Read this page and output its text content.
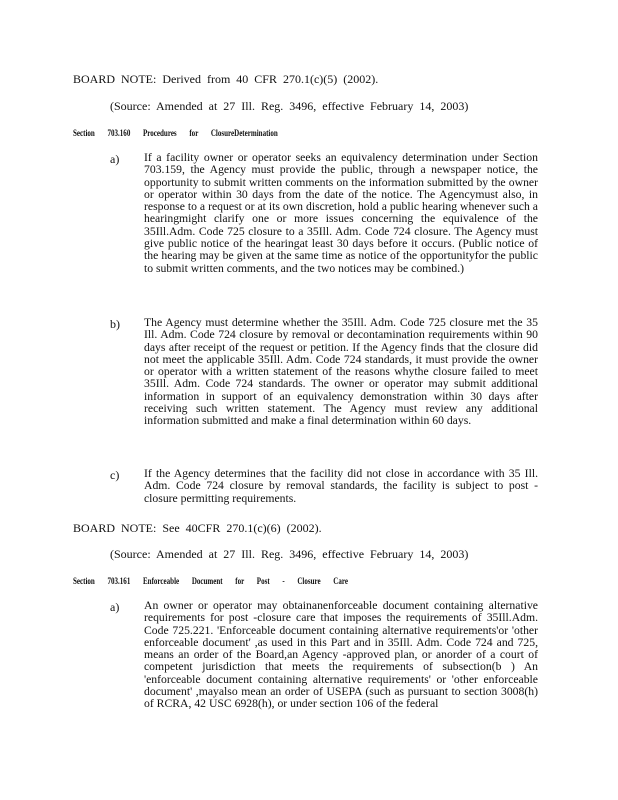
BOARD NOTE: Derived from 40 CFR 270.1(c)(5) (2002).
(Source: Amended at 27 Ill. Reg. 3496, effective February 14, 2003)
Section 703.160 Procedures for ClosureDetermination
a) If a facility owner or operator seeks an equivalency determination under Section 703.159, the Agency must provide the public, through a newspaper notice, the opportunity to submit written comments on the information submitted by the owner or operator within 30 days from the date of the notice. The Agencymust also, in response to a request or at its own discretion, hold a public hearing whenever such a hearingmight clarify one or more issues concerning the equivalence of the 35Ill.Adm. Code 725 closure to a 35Ill. Adm. Code 724 closure. The Agency must give public notice of the hearingat least 30 days before it occurs. (Public notice of the hearing may be given at the same time as notice of the opportunityfor the public to submit written comments, and the two notices may be combined.)
b) The Agency must determine whether the 35Ill. Adm. Code 725 closure met the 35 Ill. Adm. Code 724 closure by removal or decontamination requirements within 90 days after receipt of the request or petition. If the Agency finds that the closure did not meet the applicable 35Ill. Adm. Code 724 standards, it must provide the owner or operator with a written statement of the reasons whythe closure failed to meet 35Ill. Adm. Code 724 standards. The owner or operator may submit additional information in support of an equivalency demonstration within 30 days after receiving such written statement. The Agency must review any additional information submitted and make a final determination within 60 days.
c) If the Agency determines that the facility did not close in accordance with 35 Ill. Adm. Code 724 closure by removal standards, the facility is subject to post - closure permitting requirements.
BOARD NOTE: See 40CFR 270.1(c)(6) (2002).
(Source: Amended at 27 Ill. Reg. 3496, effective February 14, 2003)
Section 703.161 Enforceable Document for Post - Closure Care
a) An owner or operator may obtainanenforceable document containing alternative requirements for post -closure care that imposes the requirements of 35Ill.Adm. Code 725.221. 'Enforceable document containing alternative requirements'or 'other enforceable document' ,as used in this Part and in 35Ill. Adm. Code 724 and 725, means an order of the Board,an Agency -approved plan, or anorder of a court of competent jurisdiction that meets the requirements of subsection(b ) An 'enforceable document containing alternative requirements' or 'other enforceable document' ,mayalso mean an order of USEPA (such as pursuant to section 3008(h) of RCRA, 42 USC 6928(h), or under section 106 of the federal
